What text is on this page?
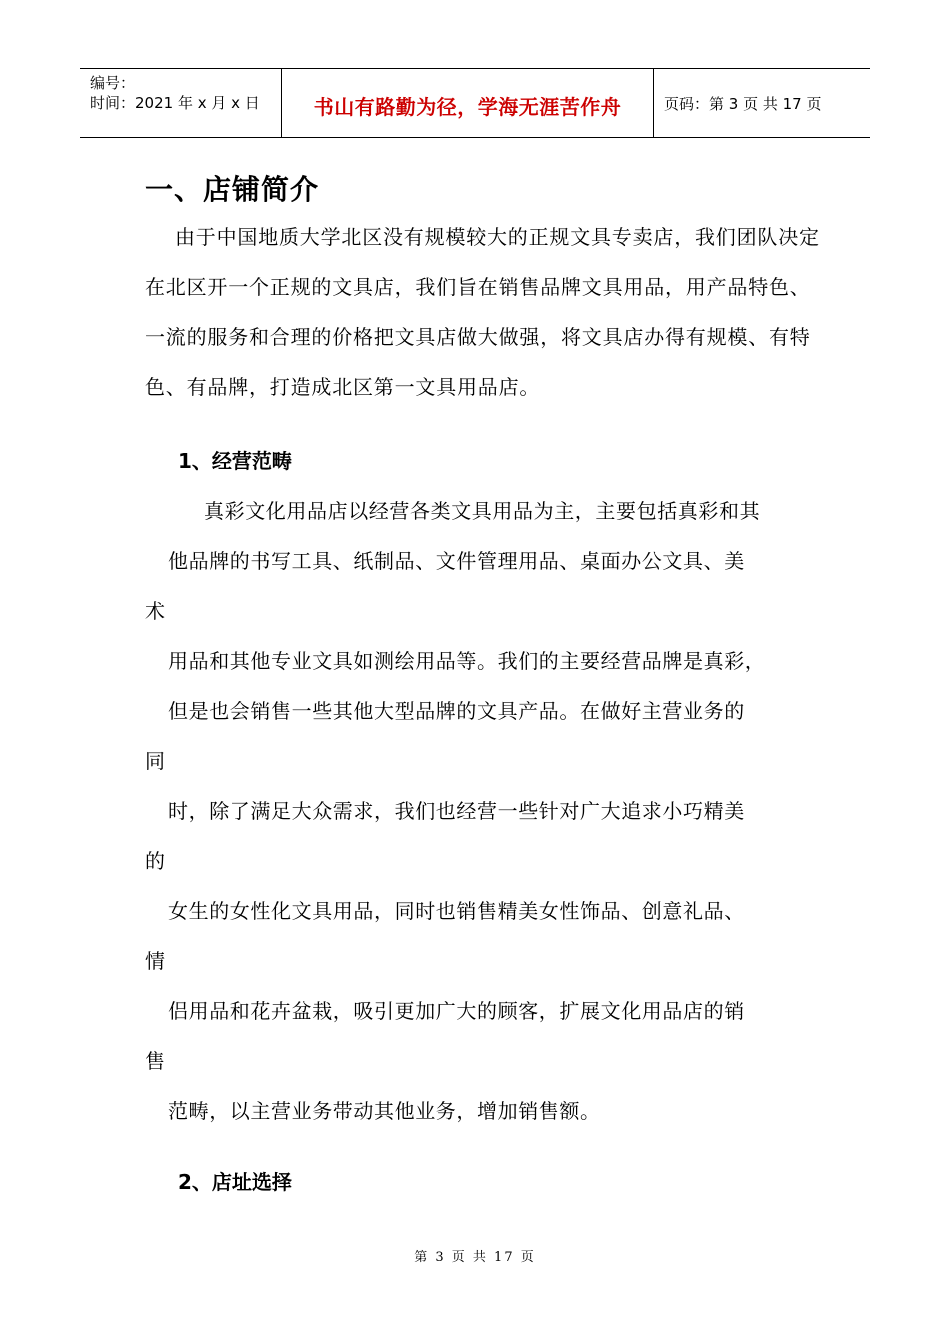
编号：
时间：2021 年 x 月 x 日	书山有路勤为径，学海无涯苦作舟	页码：第 3 页 共 17 页
一、店铺简介
由于中国地质大学北区没有规模较大的正规文具专卖店，我们团队决定在北区开一个正规的文具店，我们旨在销售品牌文具用品，用产品特色、一流的服务和合理的价格把文具店做大做强，将文具店办得有规模、有特色、有品牌，打造成北区第一文具用品店。
1、经营范畴
真彩文化用品店以经营各类文具用品为主，主要包括真彩和其
他品牌的书写工具、纸制品、文件管理用品、桌面办公文具、美
术
用品和其他专业文具如测绘用品等。我们的主要经营品牌是真彩，
但是也会销售一些其他大型品牌的文具产品。在做好主营业务的
同
时，除了满足大众需求，我们也经营一些针对广大追求小巧精美
的
女生的女性化文具用品，同时也销售精美女性饰品、创意礼品、
情
侣用品和花卉盆栽，吸引更加广大的顾客，扩展文化用品店的销
售
范畴，以主营业务带动其他业务，增加销售额。
2、店址选择
第 3 页 共 17 页
